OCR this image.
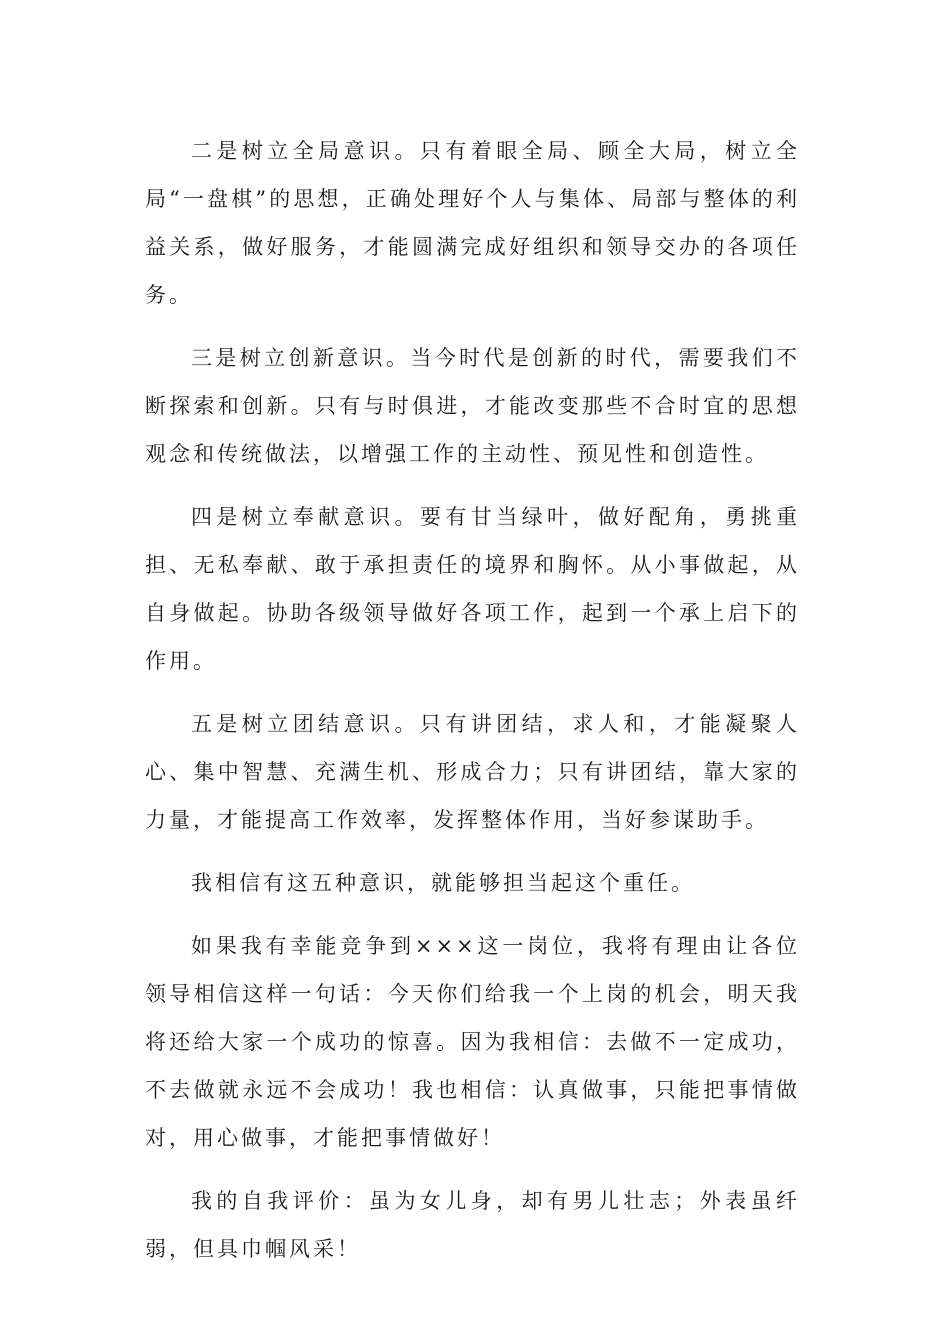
二是树立全局意识。只有着眼全局、顾全大局，树立全局“一盘棋”的思想，正确处理好个人与集体、局部与整体的利益关系，做好服务，才能圆满完成好组织和领导交办的各项任务。

三是树立创新意识。当今时代是创新的时代，需要我们不断探索和创新。只有与时俱进，才能改变那些不合时宜的思想观念和传统做法，以增强工作的主动性、预见性和创造性。

四是树立奉献意识。要有甘当绿叶，做好配角，勇挑重担、无私奉献、敢于承担责任的境界和胸怀。从小事做起，从自身做起。协助各级领导做好各项工作，起到一个承上启下的作用。

五是树立团结意识。只有讲团结，求人和，才能凝聚人心、集中智慧、充满生机、形成合力；只有讲团结，靠大家的力量，才能提高工作效率，发挥整体作用，当好参谋助手。

我相信有这五种意识，就能够担当起这个重任。

如果我有幸能竞争到×××这一岗位，我将有理由让各位领导相信这样一句话：今天你们给我一个上岗的机会，明天我将还给大家一个成功的惊喜。因为我相信：去做不一定成功，不去做就永远不会成功！我也相信：认真做事，只能把事情做对，用心做事，才能把事情做好！

我的自我评价：虽为女儿身，却有男儿壮志；外表虽纤弱，但具巾帼风采！
